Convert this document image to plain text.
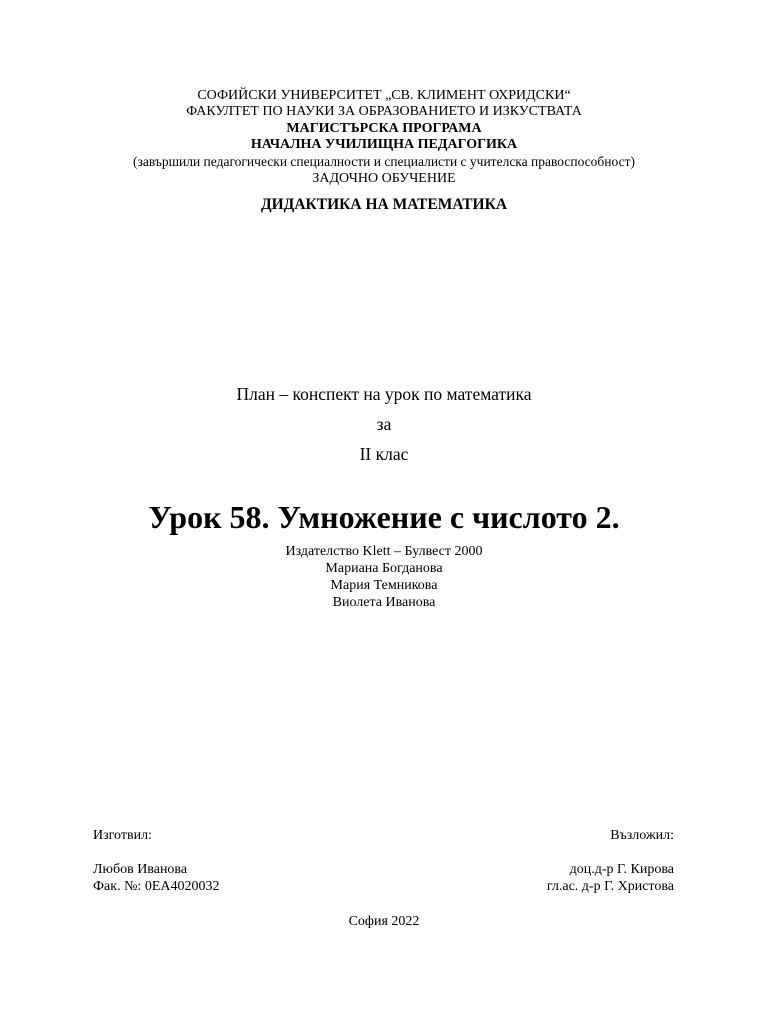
СОФИЙСКИ УНИВЕРСИТЕТ „СВ. КЛИМЕНТ ОХРИДСКИ“
ФАКУЛТЕТ ПО НАУКИ ЗА ОБРАЗОВАНИЕТО И ИЗКУСТВАТА
МАГИСТЪРСКА ПРОГРАМА
НАЧАЛНА УЧИЛИЩНА ПЕДАГОГИКА
(завършили педагогически специалности и специалисти с учителска правоспособност)
ЗАДОЧНО ОБУЧЕНИЕ
ДИДАКТИКА НА МАТЕМАТИКА
План – конспект на урок по математика
за
II клас
Урок 58. Умножение с числото 2.
Издателство Klett – Булвест 2000
Мариана Богданова
Мария Темникова
Виолета Иванова
Изготвил:
Любов Иванова
Фак. №: 0ЕА4020032
Възложил:
доц.д-р Г. Кирова
гл.ас. д-р Г. Христова
София 2022
